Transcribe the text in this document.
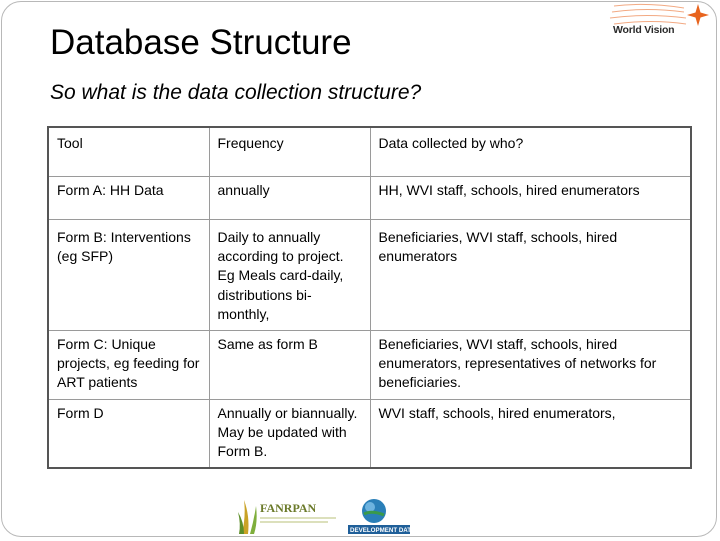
World Vision
Database Structure
So what is the data collection structure?
Tool	Frequency	Data collected by who?
Form A: HH Data	annually	HH, WVI staff, schools, hired enumerators
Form B: Interventions (eg SFP)	Daily to annually according to project. Eg Meals card-daily, distributions bi-monthly,	Beneficiaries, WVI staff, schools, hired enumerators
Form C: Unique projects, eg feeding for ART patients	Same as form B	Beneficiaries, WVI staff, schools, hired enumerators, representatives of networks for beneficiaries.
Form D	Annually or biannually. May be updated with Form B.	WVI staff, schools, hired enumerators,
FANRPAN
DEVELOPMENT DATA
